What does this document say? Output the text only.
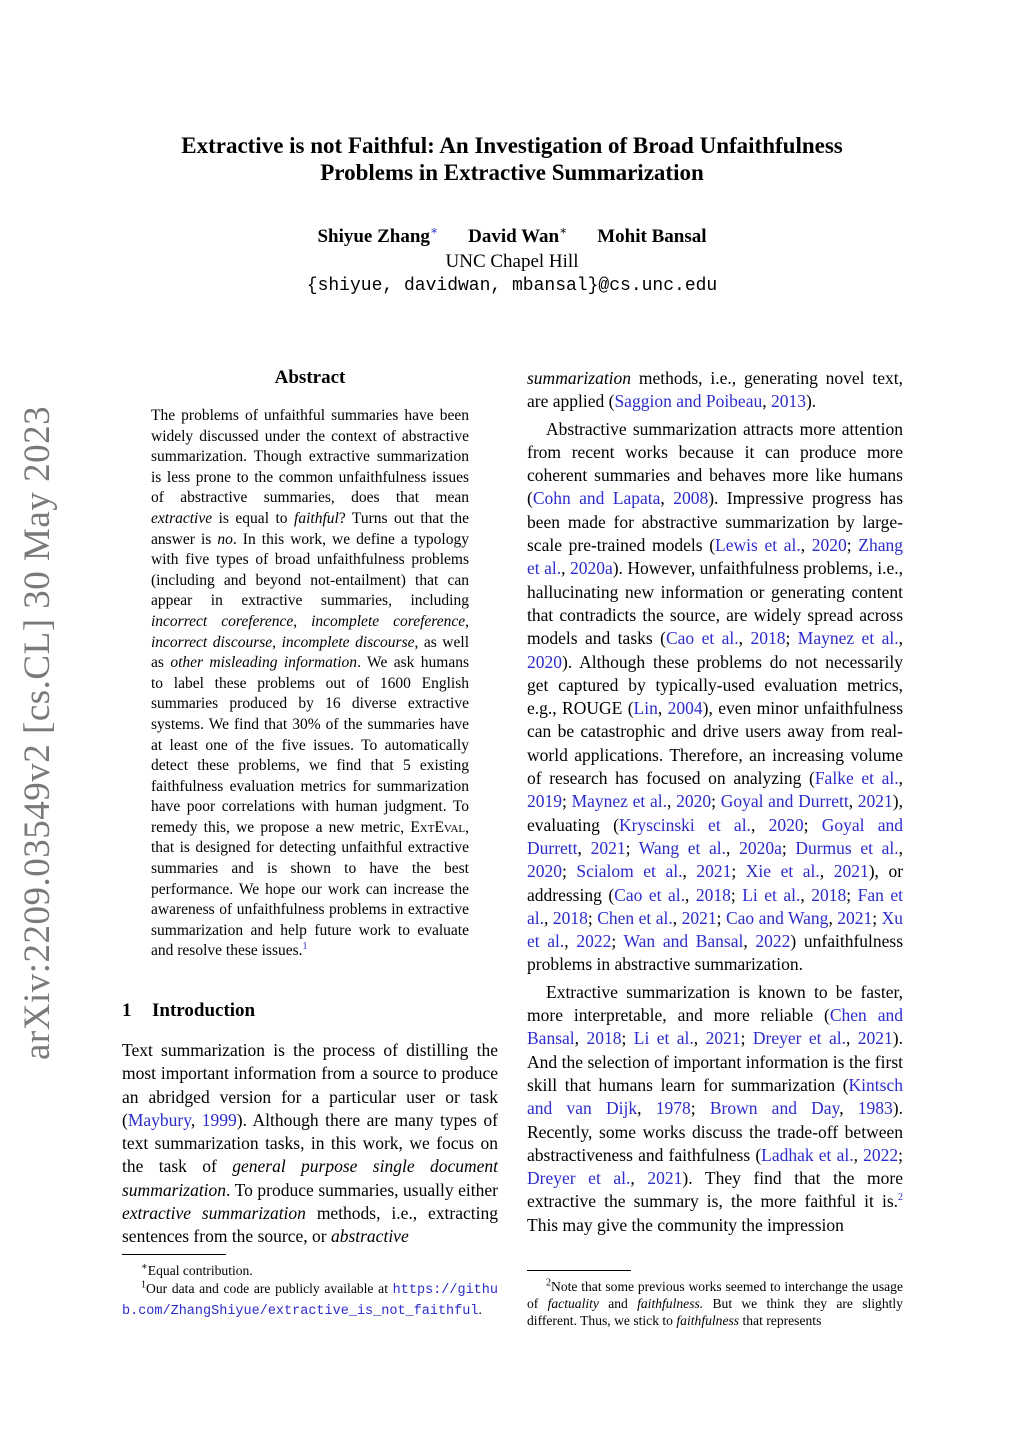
arXiv:2209.03549v2 [cs.CL] 30 May 2023
Extractive is not Faithful: An Investigation of Broad Unfaithfulness
Problems in Extractive Summarization
Shiyue Zhang∗ David Wan∗ Mohit Bansal
UNC Chapel Hill
{shiyue, davidwan, mbansal}@cs.unc.edu
Abstract
The problems of unfaithful summaries have been widely discussed under the context of abstractive summarization. Though extractive summarization is less prone to the common unfaithfulness issues of abstractive summaries, does that mean extractive is equal to faithful? Turns out that the answer is no. In this work, we define a typology with five types of broad unfaithfulness problems (including and beyond not-entailment) that can appear in extractive summaries, including incorrect coreference, incomplete coreference, incorrect discourse, incomplete discourse, as well as other misleading information. We ask humans to label these problems out of 1600 English summaries produced by 16 diverse extractive systems. We find that 30% of the summaries have at least one of the five issues. To automatically detect these problems, we find that 5 existing faithfulness evaluation metrics for summarization have poor correlations with human judgment. To remedy this, we propose a new metric, ExtEval, that is designed for detecting unfaithful extractive summaries and is shown to have the best performance. We hope our work can increase the awareness of unfaithfulness problems in extractive summarization and help future work to evaluate and resolve these issues.$^1$
1 Introduction
Text summarization is the process of distilling the most important information from a source to produce an abridged version for a particular user or task (Maybury, 1999). Although there are many types of text summarization tasks, in this work, we focus on the task of general purpose single document summarization. To produce summaries, usually either extractive summarization methods, i.e., extracting sentences from the source, or abstractive
∗Equal contribution.
$^1$Our data and code are publicly available at https://github.com/ZhangShiyue/extractive_is_not_faithful.

summarization methods, i.e., generating novel text, are applied (Saggion and Poibeau, 2013).

Abstractive summarization attracts more attention from recent works because it can produce more coherent summaries and behaves more like humans (Cohn and Lapata, 2008). Impressive progress has been made for abstractive summarization by large-scale pre-trained models (Lewis et al., 2020; Zhang et al., 2020a). However, unfaithfulness problems, i.e., hallucinating new information or generating content that contradicts the source, are widely spread across models and tasks (Cao et al., 2018; Maynez et al., 2020). Although these problems do not necessarily get captured by typically-used evaluation metrics, e.g., ROUGE (Lin, 2004), even minor unfaithfulness can be catastrophic and drive users away from real-world applications. Therefore, an increasing volume of research has focused on analyzing (Falke et al., 2019; Maynez et al., 2020; Goyal and Durrett, 2021), evaluating (Kryscinski et al., 2020; Goyal and Durrett, 2021; Wang et al., 2020a; Durmus et al., 2020; Scialom et al., 2021; Xie et al., 2021), or addressing (Cao et al., 2018; Li et al., 2018; Fan et al., 2018; Chen et al., 2021; Cao and Wang, 2021; Xu et al., 2022; Wan and Bansal, 2022) unfaithfulness problems in abstractive summarization.

Extractive summarization is known to be faster, more interpretable, and more reliable (Chen and Bansal, 2018; Li et al., 2021; Dreyer et al., 2021). And the selection of important information is the first skill that humans learn for summarization (Kintsch and van Dijk, 1978; Brown and Day, 1983). Recently, some works discuss the trade-off between abstractiveness and faithfulness (Ladhak et al., 2022; Dreyer et al., 2021). They find that the more extractive the summary is, the more faithful it is.$^2$ This may give the community the impression

$^2$Note that some previous works seemed to interchange the usage of factuality and faithfulness. But we think they are slightly different. Thus, we stick to faithfulness that represents
